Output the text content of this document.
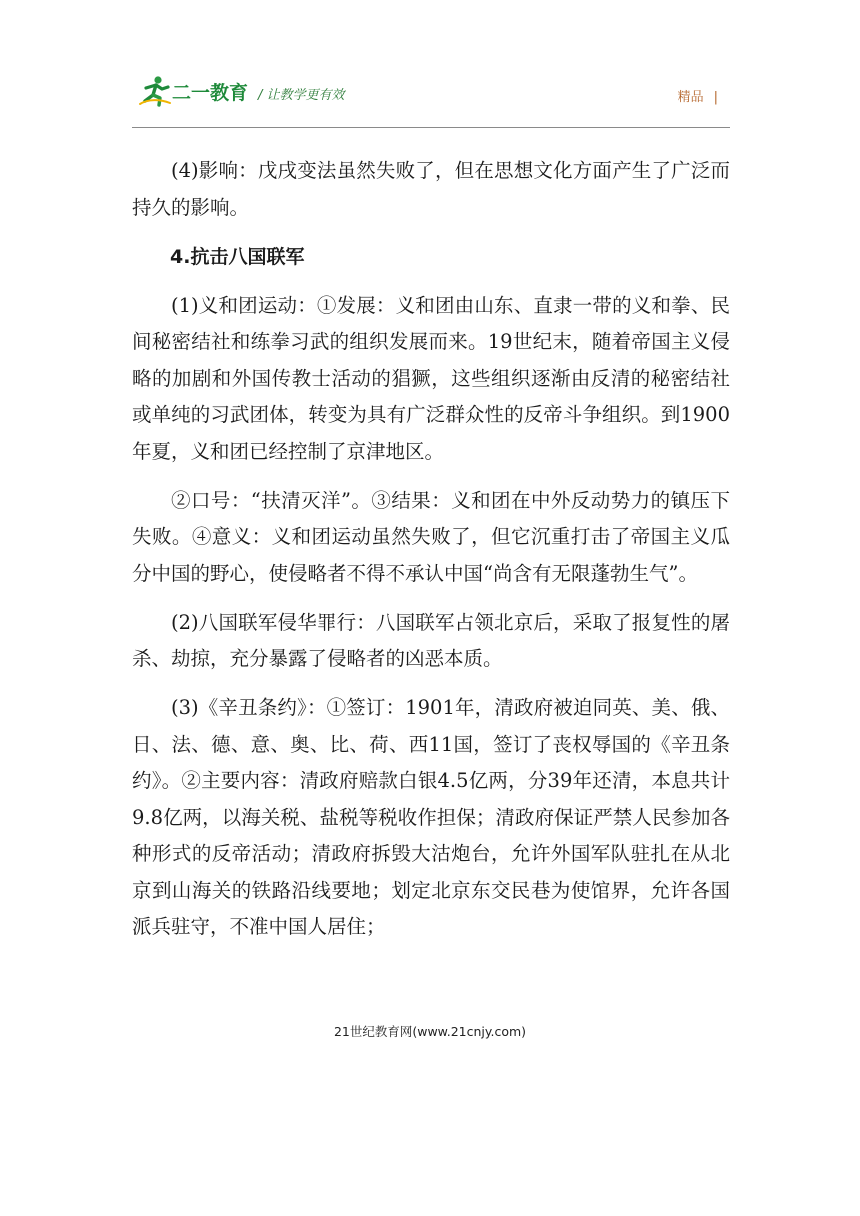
二一教育 / 让教学更有效	精品 |

(4)影响：戊戌变法虽然失败了，但在思想文化方面产生了广泛而持久的影响。

4.抗击八国联军

(1)义和团运动：①发展：义和团由山东、直隶一带的义和拳、民间秘密结社和练拳习武的组织发展而来。19世纪末，随着帝国主义侵略的加剧和外国传教士活动的猖獗，这些组织逐渐由反清的秘密结社或单纯的习武团体，转变为具有广泛群众性的反帝斗争组织。到1900年夏，义和团已经控制了京津地区。

②口号：“扶清灭洋”。③结果：义和团在中外反动势力的镇压下失败。④意义：义和团运动虽然失败了，但它沉重打击了帝国主义瓜分中国的野心，使侵略者不得不承认中国“尚含有无限蓬勃生气”。

(2)八国联军侵华罪行：八国联军占领北京后，采取了报复性的屠杀、劫掠，充分暴露了侵略者的凶恶本质。

(3)《辛丑条约》：①签订：1901年，清政府被迫同英、美、俄、日、法、德、意、奥、比、荷、西11国，签订了丧权辱国的《辛丑条约》。②主要内容：清政府赔款白银4.5亿两，分39年还清，本息共计9.8亿两，以海关税、盐税等税收作担保；清政府保证严禁人民参加各种形式的反帝活动；清政府拆毁大沽炮台，允许外国军队驻扎在从北京到山海关的铁路沿线要地；划定北京东交民巷为使馆界，允许各国派兵驻守，不准中国人居住；

21世纪教育网(www.21cnjy.com)
